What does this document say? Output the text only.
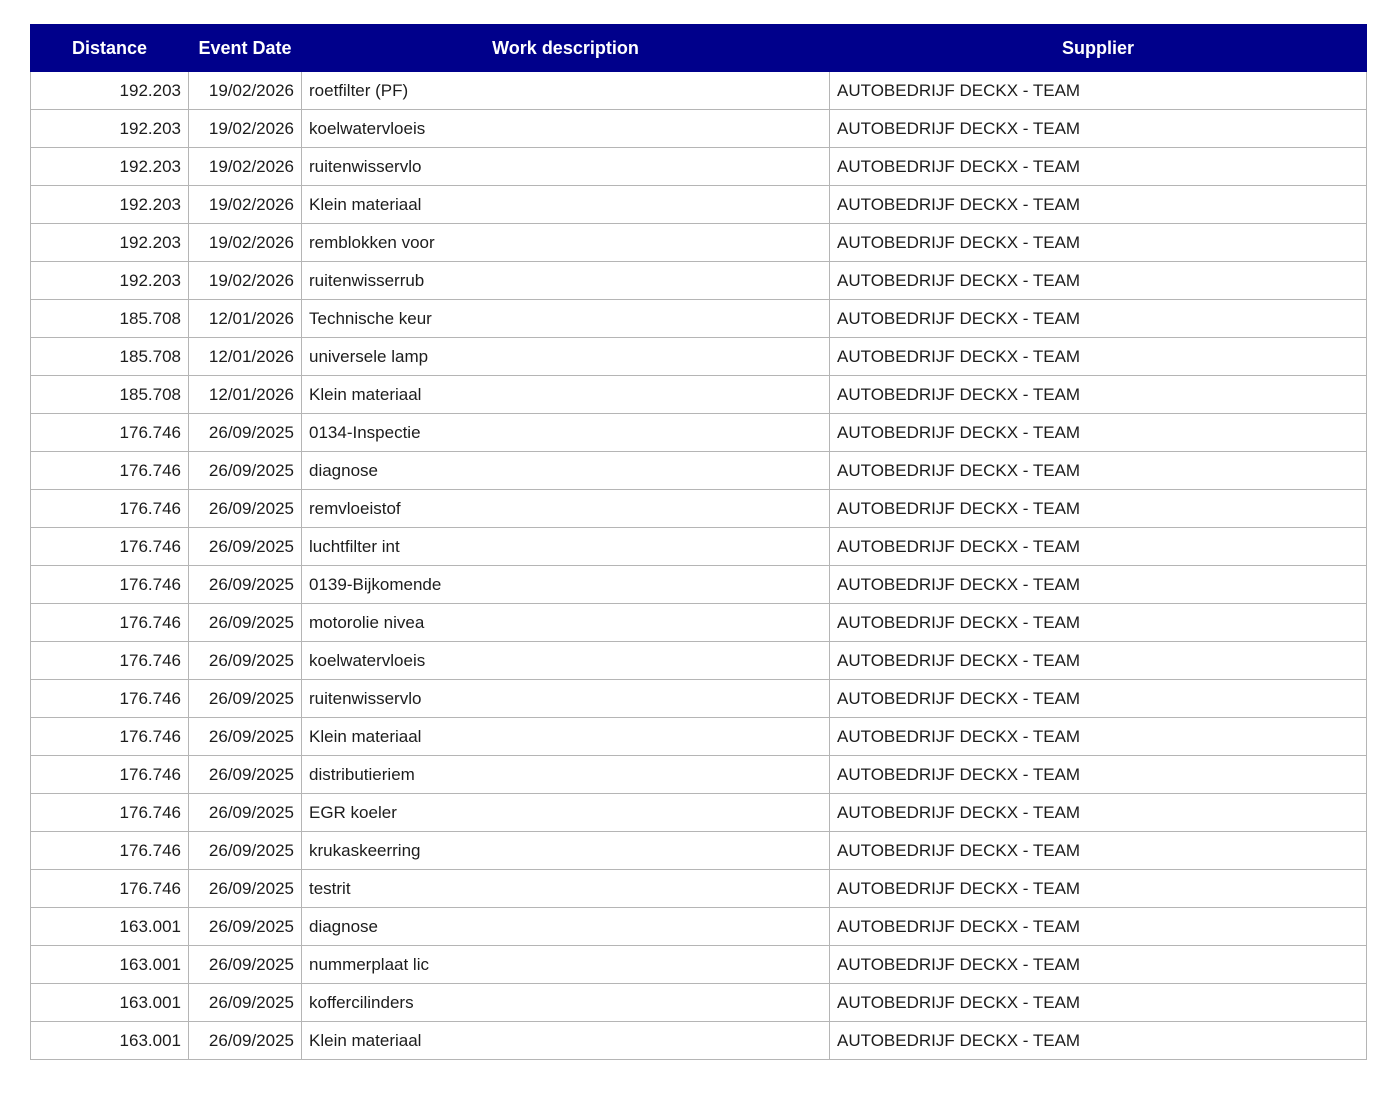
Distance	Event Date	Work description	Supplier
192.203	19/02/2026	roetfilter (PF)	AUTOBEDRIJF DECKX - TEAM
192.203	19/02/2026	koelwatervloeis	AUTOBEDRIJF DECKX - TEAM
192.203	19/02/2026	ruitenwisservlo	AUTOBEDRIJF DECKX - TEAM
192.203	19/02/2026	Klein materiaal	AUTOBEDRIJF DECKX - TEAM
192.203	19/02/2026	remblokken voor	AUTOBEDRIJF DECKX - TEAM
192.203	19/02/2026	ruitenwisserrub	AUTOBEDRIJF DECKX - TEAM
185.708	12/01/2026	Technische keur	AUTOBEDRIJF DECKX - TEAM
185.708	12/01/2026	universele lamp	AUTOBEDRIJF DECKX - TEAM
185.708	12/01/2026	Klein materiaal	AUTOBEDRIJF DECKX - TEAM
176.746	26/09/2025	0134-Inspectie	AUTOBEDRIJF DECKX - TEAM
176.746	26/09/2025	diagnose	AUTOBEDRIJF DECKX - TEAM
176.746	26/09/2025	remvloeistof	AUTOBEDRIJF DECKX - TEAM
176.746	26/09/2025	luchtfilter int	AUTOBEDRIJF DECKX - TEAM
176.746	26/09/2025	0139-Bijkomende	AUTOBEDRIJF DECKX - TEAM
176.746	26/09/2025	motorolie nivea	AUTOBEDRIJF DECKX - TEAM
176.746	26/09/2025	koelwatervloeis	AUTOBEDRIJF DECKX - TEAM
176.746	26/09/2025	ruitenwisservlo	AUTOBEDRIJF DECKX - TEAM
176.746	26/09/2025	Klein materiaal	AUTOBEDRIJF DECKX - TEAM
176.746	26/09/2025	distributieriem	AUTOBEDRIJF DECKX - TEAM
176.746	26/09/2025	EGR koeler	AUTOBEDRIJF DECKX - TEAM
176.746	26/09/2025	krukaskeerring	AUTOBEDRIJF DECKX - TEAM
176.746	26/09/2025	testrit	AUTOBEDRIJF DECKX - TEAM
163.001	26/09/2025	diagnose	AUTOBEDRIJF DECKX - TEAM
163.001	26/09/2025	nummerplaat lic	AUTOBEDRIJF DECKX - TEAM
163.001	26/09/2025	koffercilinders	AUTOBEDRIJF DECKX - TEAM
163.001	26/09/2025	Klein materiaal	AUTOBEDRIJF DECKX - TEAM
